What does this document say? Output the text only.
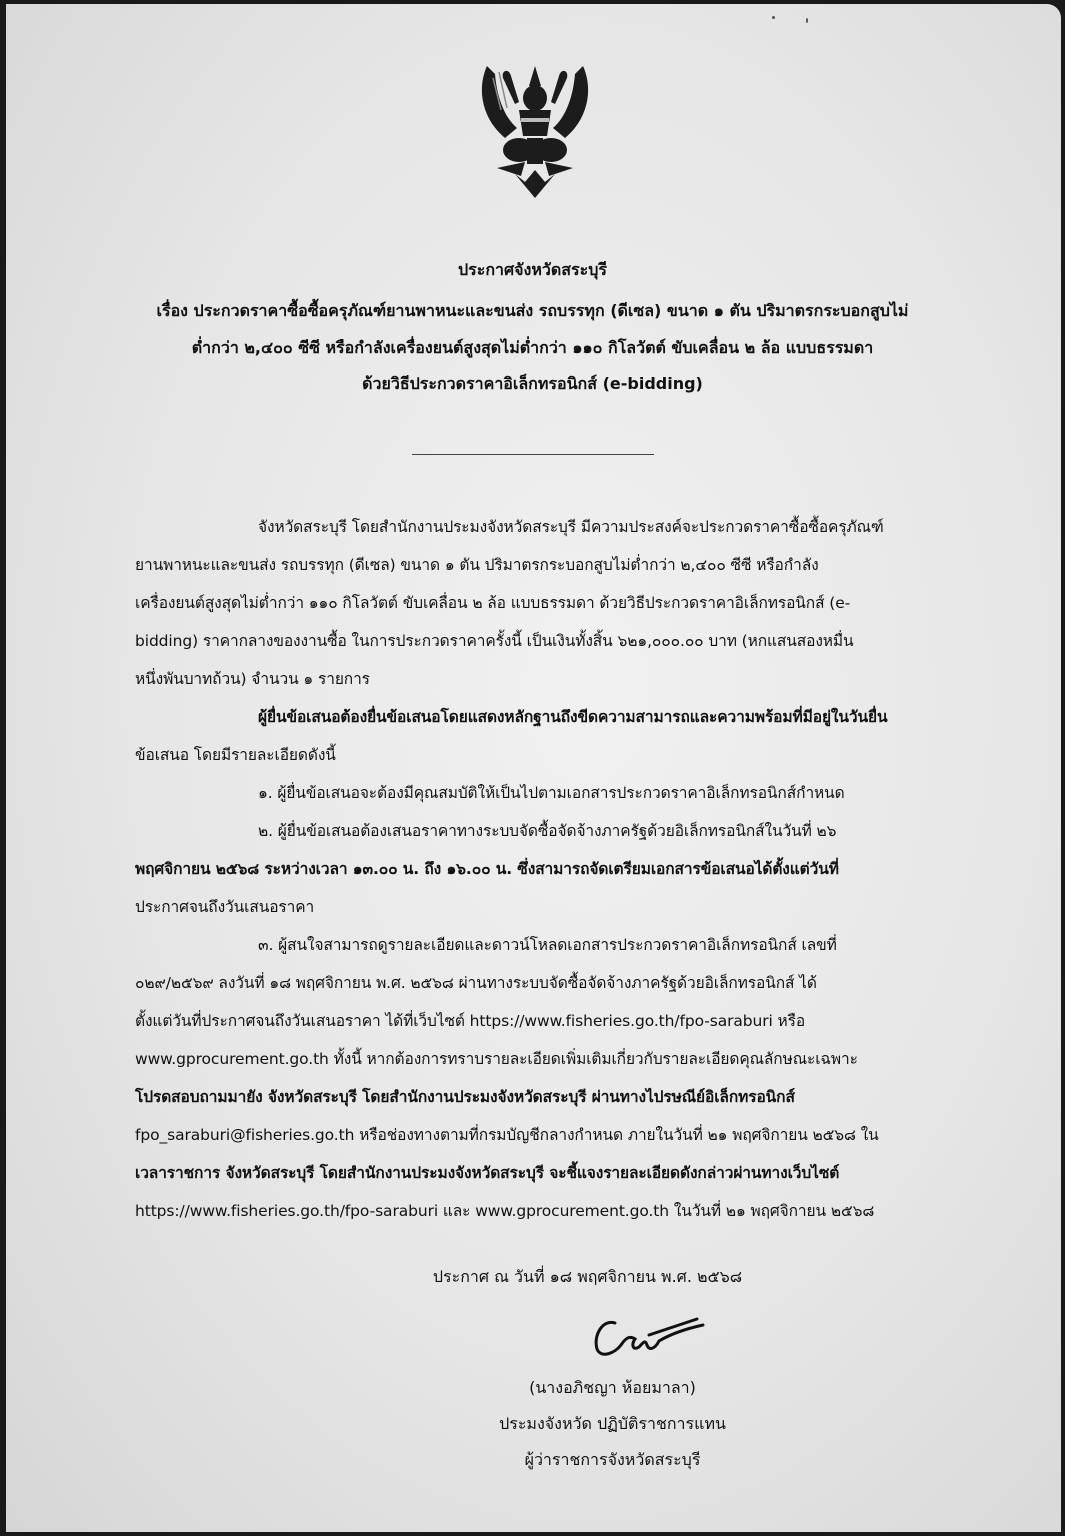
ประกาศจังหวัดสระบุรี
เรื่อง ประกวดราคาซื้อซื้อครุภัณฑ์ยานพาหนะและขนส่ง รถบรรทุก (ดีเซล) ขนาด ๑ ตัน ปริมาตรกระบอกสูบไม่
ต่ำกว่า ๒,๔๐๐ ซีซี หรือกำลังเครื่องยนต์สูงสุดไม่ต่ำกว่า ๑๑๐ กิโลวัตต์ ขับเคลื่อน ๒ ล้อ แบบธรรมดา
ด้วยวิธีประกวดราคาอิเล็กทรอนิกส์ (e-bidding)
จังหวัดสระบุรี โดยสำนักงานประมงจังหวัดสระบุรี มีความประสงค์จะประกวดราคาซื้อซื้อครุภัณฑ์
ยานพาหนะและขนส่ง รถบรรทุก (ดีเซล) ขนาด ๑ ตัน ปริมาตรกระบอกสูบไม่ต่ำกว่า ๒,๔๐๐ ซีซี หรือกำลัง
เครื่องยนต์สูงสุดไม่ต่ำกว่า ๑๑๐ กิโลวัตต์ ขับเคลื่อน ๒ ล้อ แบบธรรมดา ด้วยวิธีประกวดราคาอิเล็กทรอนิกส์ (e-
bidding) ราคากลางของงานซื้อ ในการประกวดราคาครั้งนี้ เป็นเงินทั้งสิ้น ๖๒๑,๐๐๐.๐๐ บาท (หกแสนสองหมื่น
หนึ่งพันบาทถ้วน) จำนวน ๑ รายการ
ผู้ยื่นข้อเสนอต้องยื่นข้อเสนอโดยแสดงหลักฐานถึงขีดความสามารถและความพร้อมที่มีอยู่ในวันยื่น
ข้อเสนอ โดยมีรายละเอียดดังนี้
๑. ผู้ยื่นข้อเสนอจะต้องมีคุณสมบัติให้เป็นไปตามเอกสารประกวดราคาอิเล็กทรอนิกส์กำหนด
๒. ผู้ยื่นข้อเสนอต้องเสนอราคาทางระบบจัดซื้อจัดจ้างภาครัฐด้วยอิเล็กทรอนิกส์ในวันที่ ๒๖
พฤศจิกายน ๒๕๖๘ ระหว่างเวลา ๑๓.๐๐ น. ถึง ๑๖.๐๐ น. ซึ่งสามารถจัดเตรียมเอกสารข้อเสนอได้ตั้งแต่วันที่
ประกาศจนถึงวันเสนอราคา
๓. ผู้สนใจสามารถดูรายละเอียดและดาวน์โหลดเอกสารประกวดราคาอิเล็กทรอนิกส์ เลขที่
๐๒๙/๒๕๖๙ ลงวันที่ ๑๘ พฤศจิกายน พ.ศ. ๒๕๖๘ ผ่านทางระบบจัดซื้อจัดจ้างภาครัฐด้วยอิเล็กทรอนิกส์ ได้
ตั้งแต่วันที่ประกาศจนถึงวันเสนอราคา ได้ที่เว็บไซต์ https://www.fisheries.go.th/fpo-saraburi หรือ
www.gprocurement.go.th ทั้งนี้ หากต้องการทราบรายละเอียดเพิ่มเติมเกี่ยวกับรายละเอียดคุณลักษณะเฉพาะ
โปรดสอบถามมายัง จังหวัดสระบุรี โดยสำนักงานประมงจังหวัดสระบุรี ผ่านทางไปรษณีย์อิเล็กทรอนิกส์
fpo_saraburi@fisheries.go.th หรือช่องทางตามที่กรมบัญชีกลางกำหนด ภายในวันที่ ๒๑ พฤศจิกายน ๒๕๖๘ ใน
เวลาราชการ จังหวัดสระบุรี โดยสำนักงานประมงจังหวัดสระบุรี จะชี้แจงรายละเอียดดังกล่าวผ่านทางเว็บไซต์
https://www.fisheries.go.th/fpo-saraburi และ www.gprocurement.go.th ในวันที่ ๒๑ พฤศจิกายน ๒๕๖๘
ประกาศ ณ วันที่ ๑๘ พฤศจิกายน พ.ศ. ๒๕๖๘
(นางอภิชญา ห้อยมาลา)
ประมงจังหวัด ปฏิบัติราชการแทน
ผู้ว่าราชการจังหวัดสระบุรี
